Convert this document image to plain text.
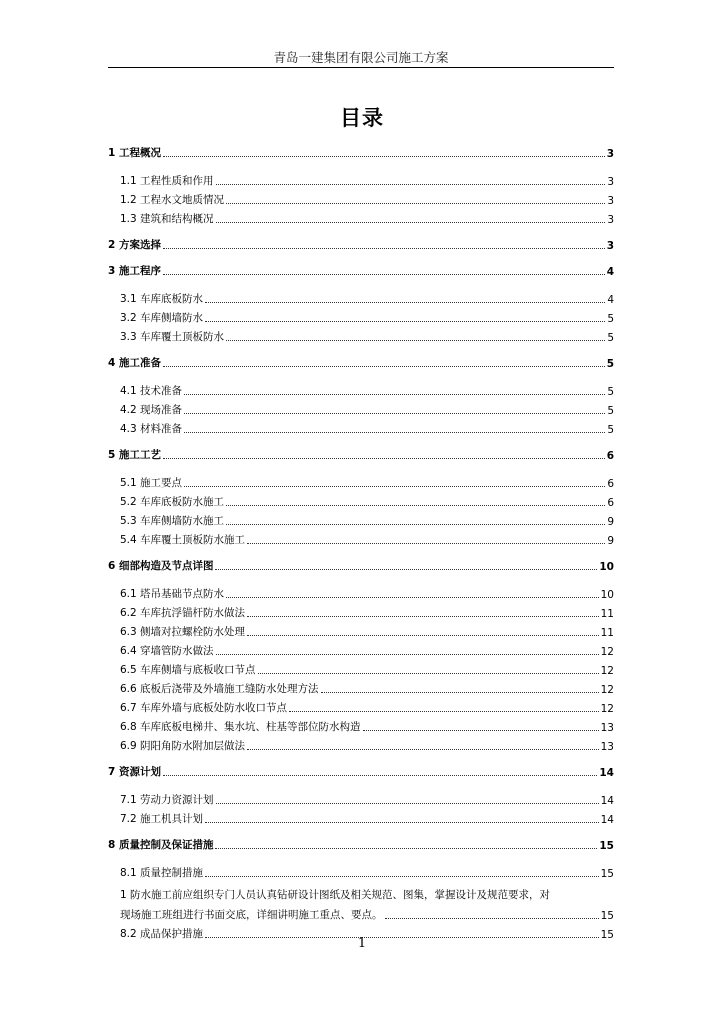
青岛一建集团有限公司施工方案
目录
1 工程概况	3
1.1 工程性质和作用	3
1.2 工程水文地质情况	3
1.3 建筑和结构概况	3
2 方案选择	3
3 施工程序	4
3.1 车库底板防水	4
3.2 车库侧墙防水	5
3.3 车库覆土顶板防水	5
4 施工准备	5
4.1 技术准备	5
4.2 现场准备	5
4.3 材料准备	5
5 施工工艺	6
5.1 施工要点	6
5.2 车库底板防水施工	6
5.3 车库侧墙防水施工	9
5.4 车库覆土顶板防水施工	9
6 细部构造及节点详图	10
6.1 塔吊基础节点防水	10
6.2 车库抗浮锚杆防水做法	11
6.3 侧墙对拉螺栓防水处理	11
6.4 穿墙管防水做法	12
6.5 车库侧墙与底板收口节点	12
6.6 底板后浇带及外墙施工缝防水处理方法	12
6.7 车库外墙与底板处防水收口节点	12
6.8 车库底板电梯井、集水坑、柱基等部位防水构造	13
6.9 阴阳角防水附加层做法	13
7 资源计划	14
7.1 劳动力资源计划	14
7.2 施工机具计划	14
8 质量控制及保证措施	15
8.1 质量控制措施	15
1 防水施工前应组织专门人员认真钻研设计图纸及相关规范、图集，掌握设计及规范要求，对
现场施工班组进行书面交底，详细讲明施工重点、要点。	15
8.2 成品保护措施	15
1
